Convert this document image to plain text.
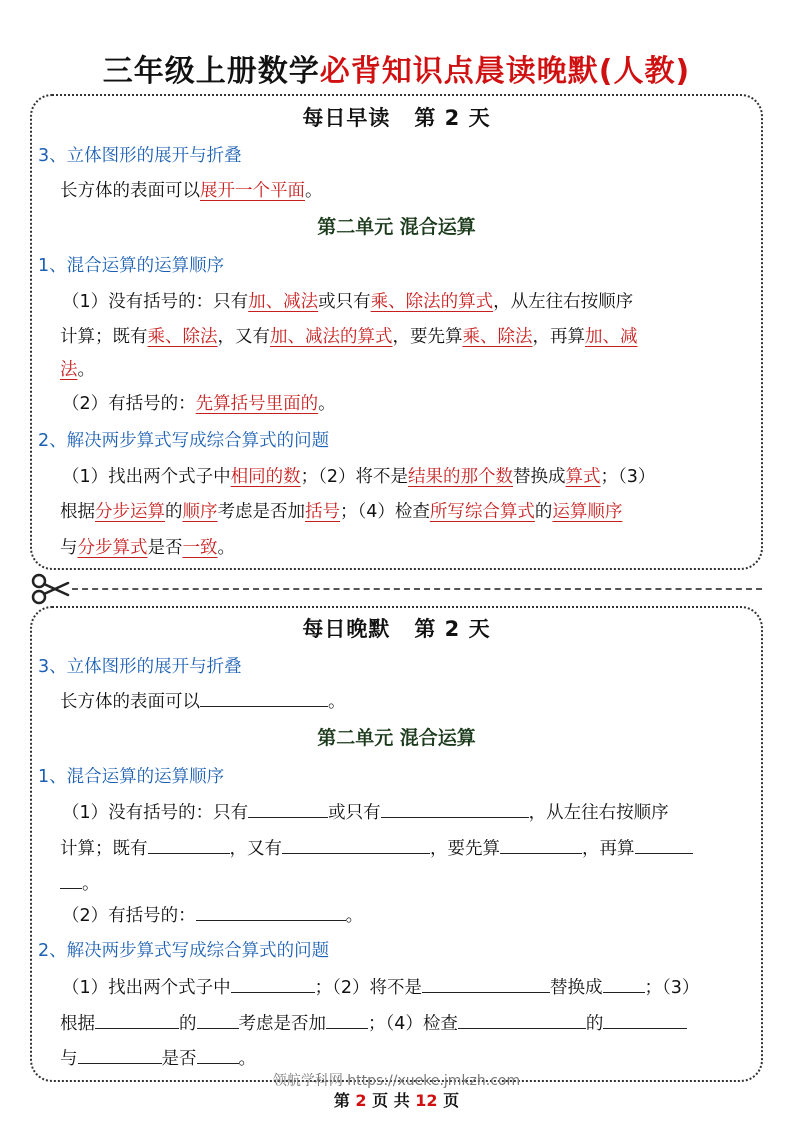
三年级上册数学必背知识点晨读晚默(人教)
每日早读 第 2 天
3、立体图形的展开与折叠
长方体的表面可以展开一个平面。
第二单元 混合运算
1、混合运算的运算顺序
（1）没有括号的：只有加、减法或只有乘、除法的算式，从左往右按顺序
计算；既有乘、除法，又有加、减法的算式，要先算乘、除法，再算加、减
法。
（2）有括号的：先算括号里面的。
2、解决两步算式写成综合算式的问题
（1）找出两个式子中相同的数；（2）将不是结果的那个数替换成算式；（3）
根据分步运算的顺序考虑是否加括号；（4）检查所写综合算式的运算顺序
与分步算式是否一致。
每日晚默 第 2 天
3、立体图形的展开与折叠
长方体的表面可以	。
第二单元 混合运算
1、混合运算的运算顺序
（1）没有括号的：只有	或只有	，从左往右按顺序
计算；既有	，又有	，要先算	，再算
。
（2）有括号的：	。
2、解决两步算式写成综合算式的问题
（1）找出两个式子中	；（2）将不是	替换成 ；（3）
根据	的 考虑是否加 ；（4）检查	的
与	是否 。
领航学科网 https://xueke.jmkzh.com
第 2 页 共 12 页
